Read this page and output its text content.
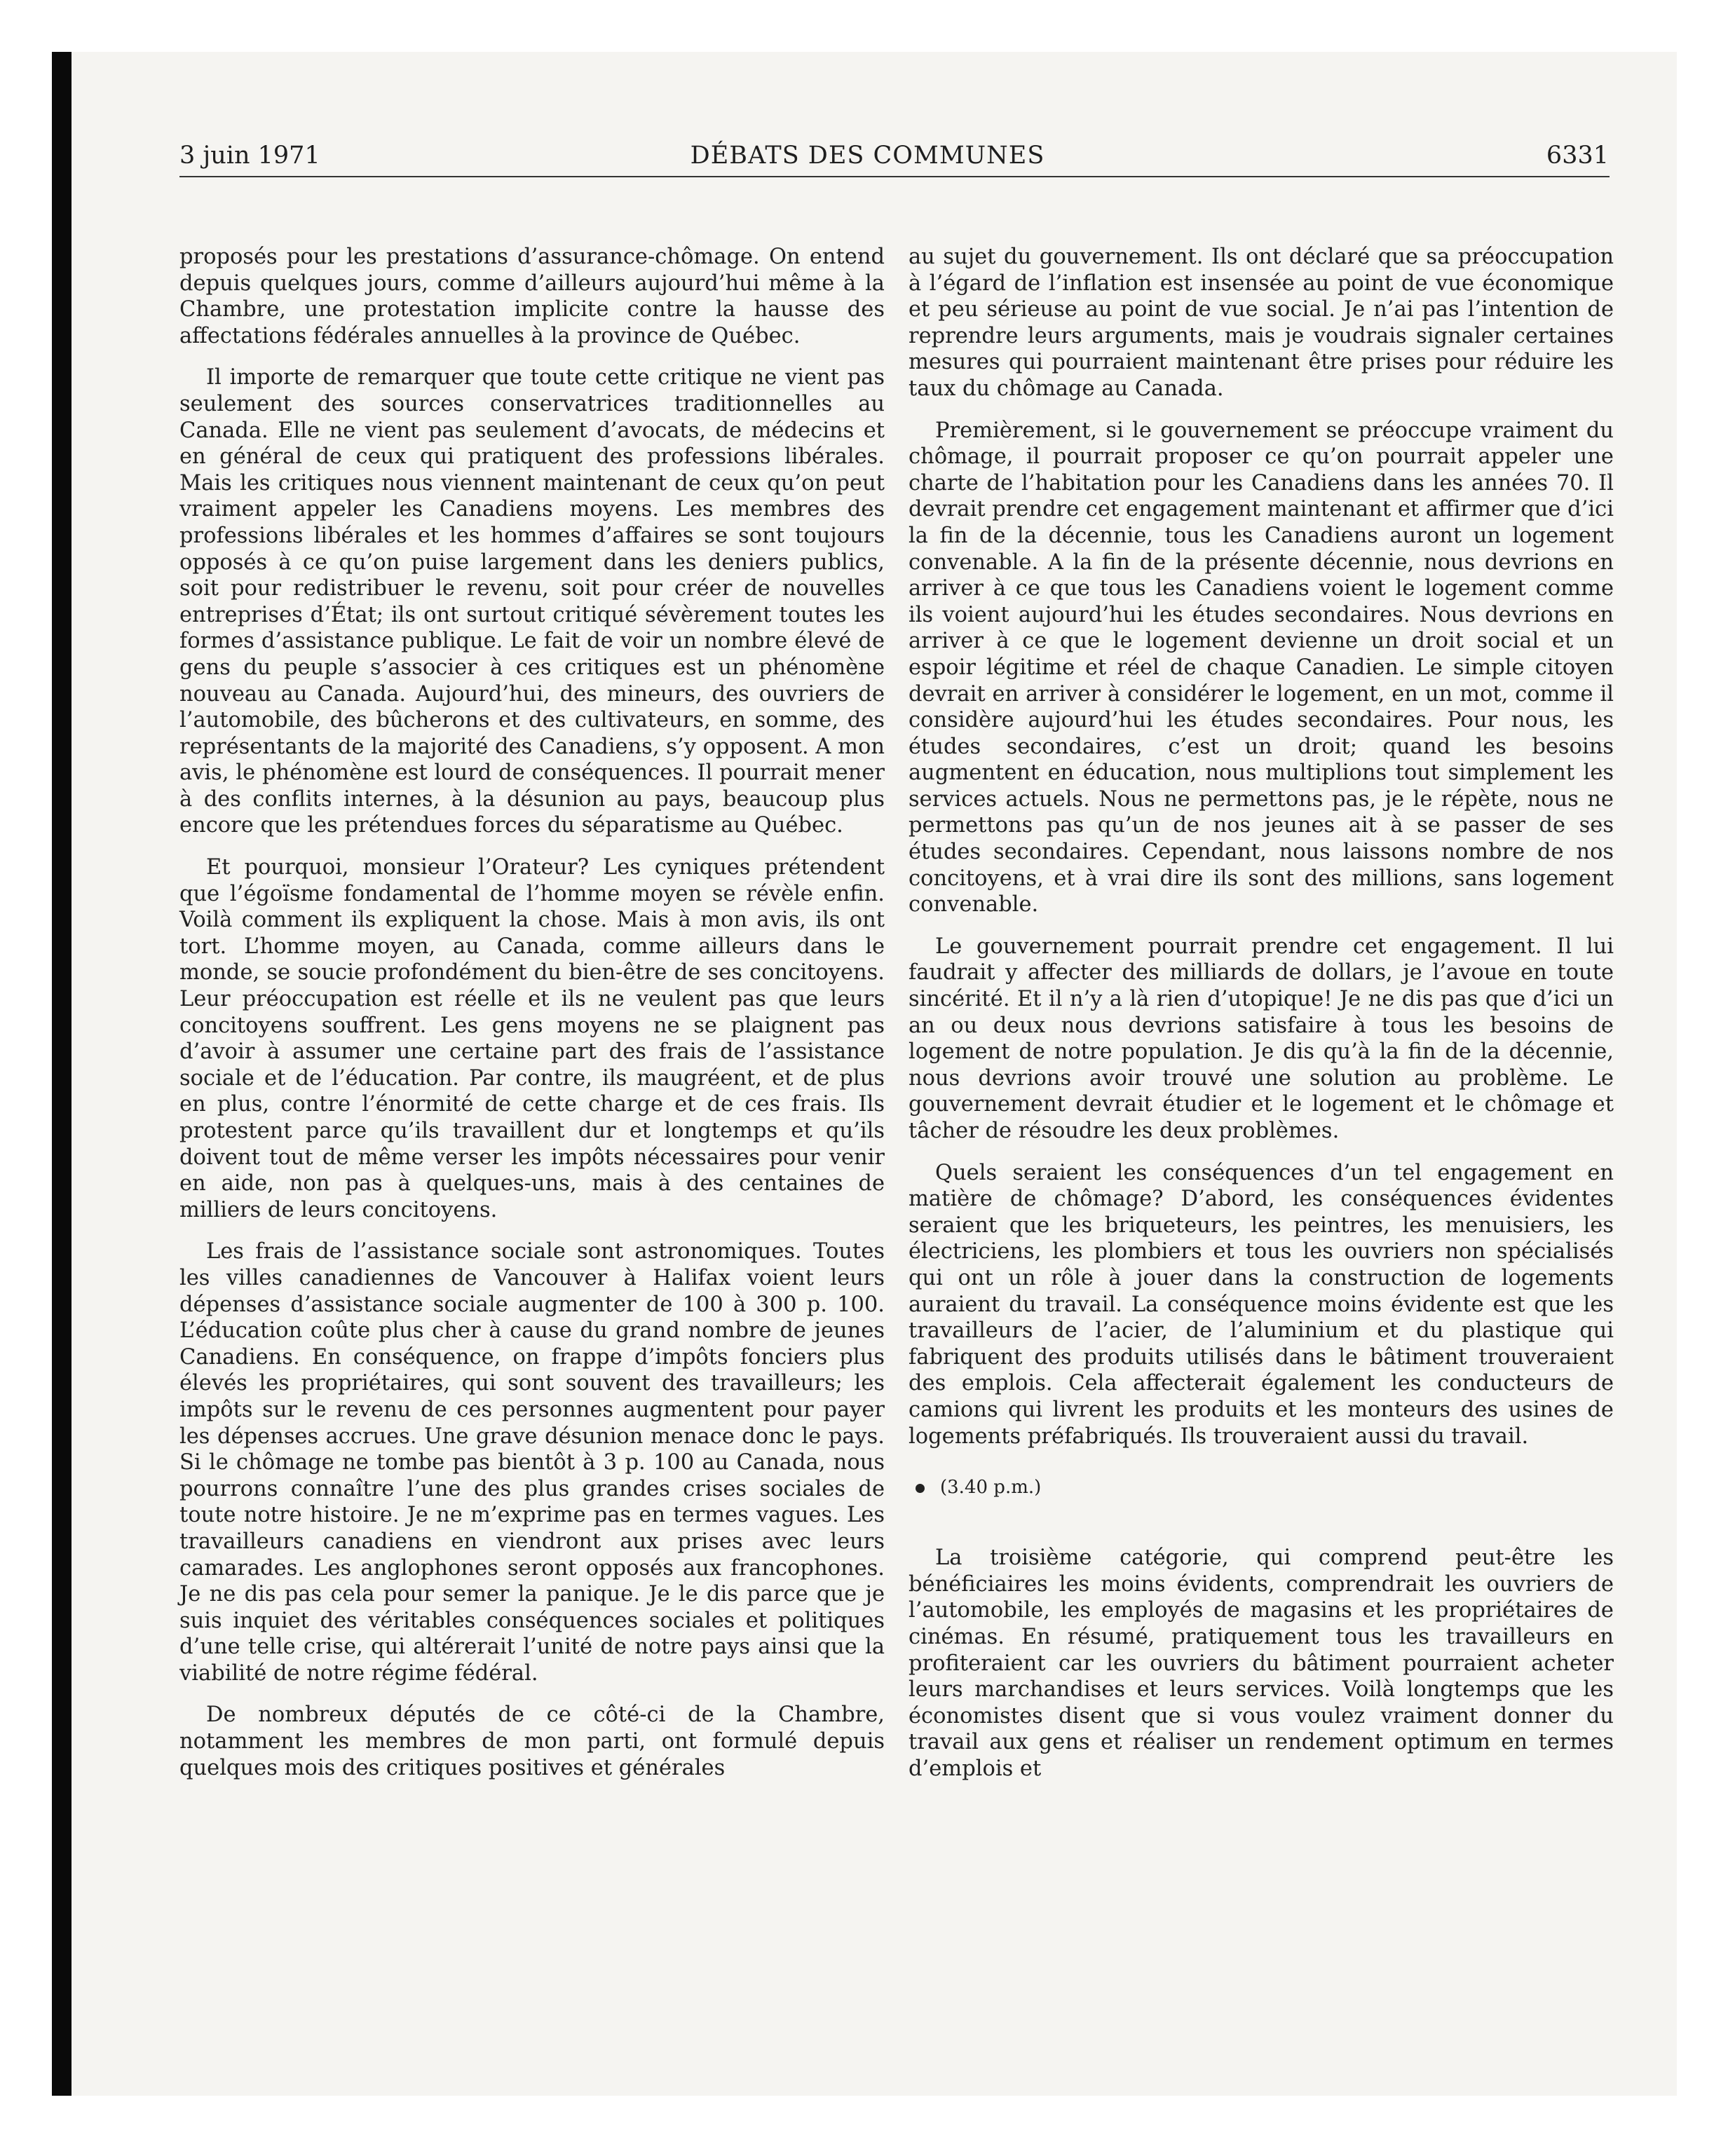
3 juin 1971	DÉBATS DES COMMUNES	6331

proposés pour les prestations d’assurance-chômage. On entend depuis quelques jours, comme d’ailleurs aujourd’hui même à la Chambre, une protestation implicite contre la hausse des affectations fédérales annuelles à la province de Québec.

Il importe de remarquer que toute cette critique ne vient pas seulement des sources conservatrices traditionnelles au Canada. Elle ne vient pas seulement d’avocats, de médecins et en général de ceux qui pratiquent des professions libérales. Mais les critiques nous viennent maintenant de ceux qu’on peut vraiment appeler les Canadiens moyens. Les membres des professions libérales et les hommes d’affaires se sont toujours opposés à ce qu’on puise largement dans les deniers publics, soit pour redistribuer le revenu, soit pour créer de nouvelles entreprises d’État; ils ont surtout critiqué sévèrement toutes les formes d’assistance publique. Le fait de voir un nombre élevé de gens du peuple s’associer à ces critiques est un phénomène nouveau au Canada. Aujourd’hui, des mineurs, des ouvriers de l’automobile, des bûcherons et des cultivateurs, en somme, des représentants de la majorité des Canadiens, s’y opposent. A mon avis, le phénomène est lourd de conséquences. Il pourrait mener à des conflits internes, à la désunion au pays, beaucoup plus encore que les prétendues forces du séparatisme au Québec.

Et pourquoi, monsieur l’Orateur? Les cyniques prétendent que l’égoïsme fondamental de l’homme moyen se révèle enfin. Voilà comment ils expliquent la chose. Mais à mon avis, ils ont tort. L’homme moyen, au Canada, comme ailleurs dans le monde, se soucie profondément du bien-être de ses concitoyens. Leur préoccupation est réelle et ils ne veulent pas que leurs concitoyens souffrent. Les gens moyens ne se plaignent pas d’avoir à assumer une certaine part des frais de l’assistance sociale et de l’éducation. Par contre, ils maugréent, et de plus en plus, contre l’énormité de cette charge et de ces frais. Ils protestent parce qu’ils travaillent dur et longtemps et qu’ils doivent tout de même verser les impôts nécessaires pour venir en aide, non pas à quelques-uns, mais à des centaines de milliers de leurs concitoyens.

Les frais de l’assistance sociale sont astronomiques. Toutes les villes canadiennes de Vancouver à Halifax voient leurs dépenses d’assistance sociale augmenter de 100 à 300 p. 100. L’éducation coûte plus cher à cause du grand nombre de jeunes Canadiens. En conséquence, on frappe d’impôts fonciers plus élevés les propriétaires, qui sont souvent des travailleurs; les impôts sur le revenu de ces personnes augmentent pour payer les dépenses accrues. Une grave désunion menace donc le pays. Si le chômage ne tombe pas bientôt à 3 p. 100 au Canada, nous pourrons connaître l’une des plus grandes crises sociales de toute notre histoire. Je ne m’exprime pas en termes vagues. Les travailleurs canadiens en viendront aux prises avec leurs camarades. Les anglophones seront opposés aux francophones. Je ne dis pas cela pour semer la panique. Je le dis parce que je suis inquiet des véritables conséquences sociales et politiques d’une telle crise, qui altérerait l’unité de notre pays ainsi que la viabilité de notre régime fédéral.

De nombreux députés de ce côté-ci de la Chambre, notamment les membres de mon parti, ont formulé depuis quelques mois des critiques positives et générales

au sujet du gouvernement. Ils ont déclaré que sa préoccupation à l’égard de l’inflation est insensée au point de vue économique et peu sérieuse au point de vue social. Je n’ai pas l’intention de reprendre leurs arguments, mais je voudrais signaler certaines mesures qui pourraient maintenant être prises pour réduire les taux du chômage au Canada.

Premièrement, si le gouvernement se préoccupe vraiment du chômage, il pourrait proposer ce qu’on pourrait appeler une charte de l’habitation pour les Canadiens dans les années 70. Il devrait prendre cet engagement maintenant et affirmer que d’ici la fin de la décennie, tous les Canadiens auront un logement convenable. A la fin de la présente décennie, nous devrions en arriver à ce que tous les Canadiens voient le logement comme ils voient aujourd’hui les études secondaires. Nous devrions en arriver à ce que le logement devienne un droit social et un espoir légitime et réel de chaque Canadien. Le simple citoyen devrait en arriver à considérer le logement, en un mot, comme il considère aujourd’hui les études secondaires. Pour nous, les études secondaires, c’est un droit; quand les besoins augmentent en éducation, nous multiplions tout simplement les services actuels. Nous ne permettons pas, je le répète, nous ne permettons pas qu’un de nos jeunes ait à se passer de ses études secondaires. Cependant, nous laissons nombre de nos concitoyens, et à vrai dire ils sont des millions, sans logement convenable.

Le gouvernement pourrait prendre cet engagement. Il lui faudrait y affecter des milliards de dollars, je l’avoue en toute sincérité. Et il n’y a là rien d’utopique! Je ne dis pas que d’ici un an ou deux nous devrions satisfaire à tous les besoins de logement de notre population. Je dis qu’à la fin de la décennie, nous devrions avoir trouvé une solution au problème. Le gouvernement devrait étudier et le logement et le chômage et tâcher de résoudre les deux problèmes.

Quels seraient les conséquences d’un tel engagement en matière de chômage? D’abord, les conséquences évidentes seraient que les briqueteurs, les peintres, les menuisiers, les électriciens, les plombiers et tous les ouvriers non spécialisés qui ont un rôle à jouer dans la construction de logements auraient du travail. La conséquence moins évidente est que les travailleurs de l’acier, de l’aluminium et du plastique qui fabriquent des produits utilisés dans le bâtiment trouveraient des emplois. Cela affecterait également les conducteurs de camions qui livrent les produits et les monteurs des usines de logements préfabriqués. Ils trouveraient aussi du travail.

(3.40 p.m.)

La troisième catégorie, qui comprend peut-être les bénéficiaires les moins évidents, comprendrait les ouvriers de l’automobile, les employés de magasins et les propriétaires de cinémas. En résumé, pratiquement tous les travailleurs en profiteraient car les ouvriers du bâtiment pourraient acheter leurs marchandises et leurs services. Voilà longtemps que les économistes disent que si vous voulez vraiment donner du travail aux gens et réaliser un rendement optimum en termes d’emplois et
